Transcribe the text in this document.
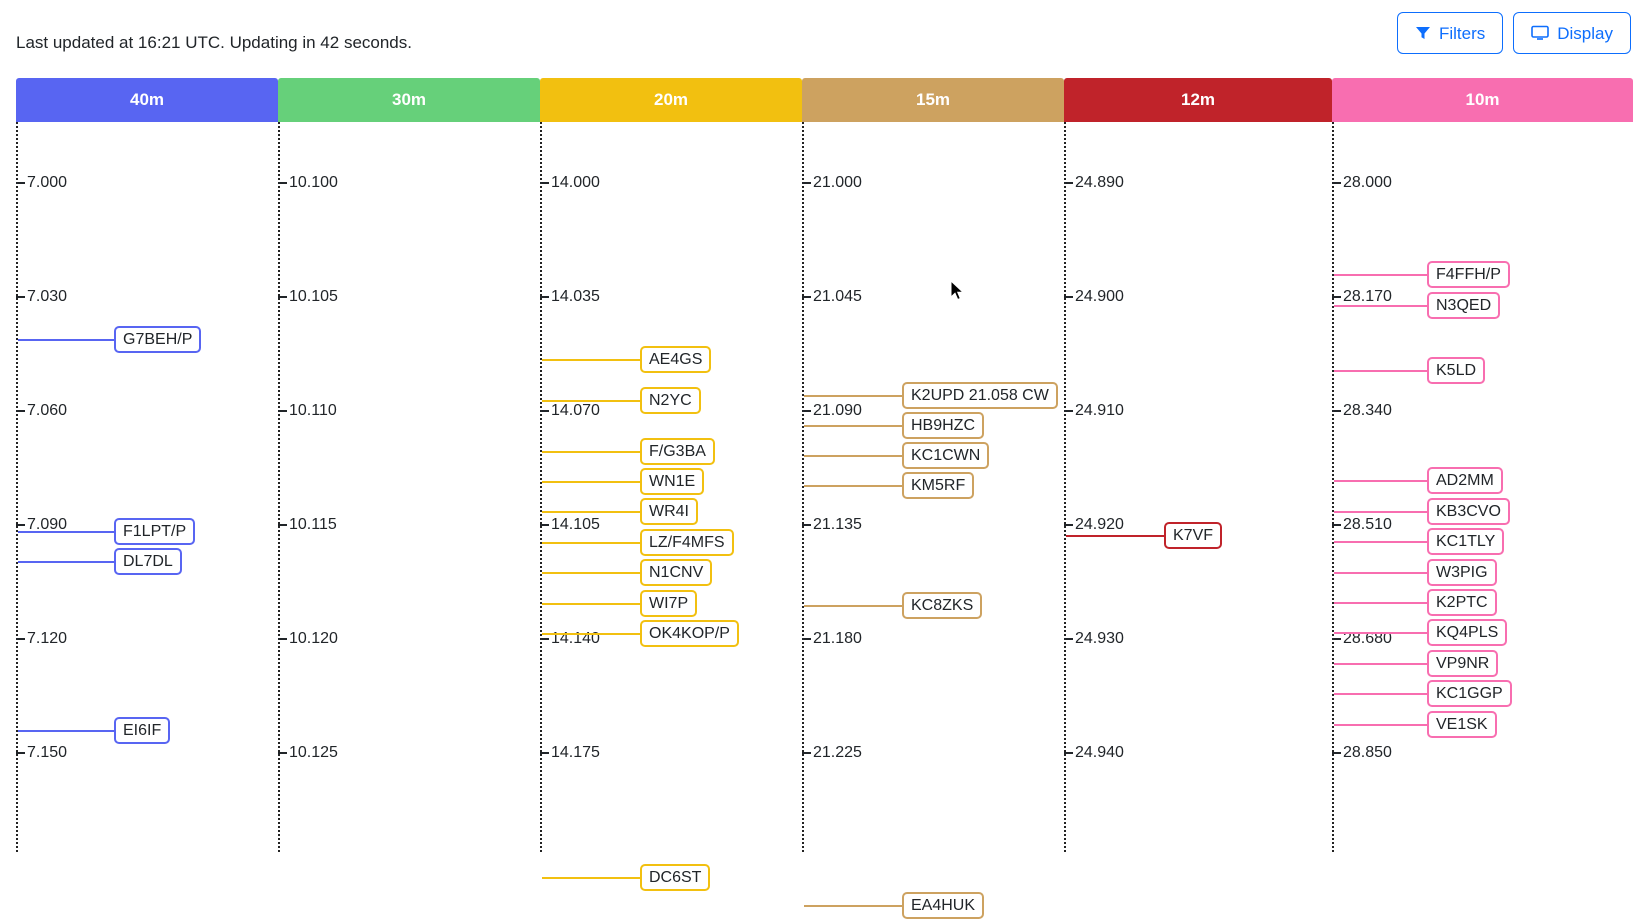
Last updated at 16:21 UTC. Updating in 42 seconds.	Filters	Display
40m
7.000
7.030
7.060
7.090
7.120
7.150
G7BEH/P
F1LPT/P
DL7DL
EI6IF
30m
10.100
10.105
10.110
10.115
10.120
10.125
20m
14.000
14.035
14.070
14.105
14.140
14.175
AE4GS
N2YC
F/G3BA
WN1E
WR4I
LZ/F4MFS
N1CNV
WI7P
OK4KOP/P
DC6ST
15m
21.000
21.045
21.090
21.135
21.180
21.225
K2UPD 21.058 CW
HB9HZC
KC1CWN
KM5RF
KC8ZKS
EA4HUK
12m
24.890
24.900
24.910
24.920
24.930
24.940
K7VF
10m
28.000
28.170
28.340
28.510
28.680
28.850
F4FFH/P
N3QED
K5LD
AD2MM
KB3CVO
KC1TLY
W3PIG
K2PTC
KQ4PLS
VP9NR
KC1GGP
VE1SK
